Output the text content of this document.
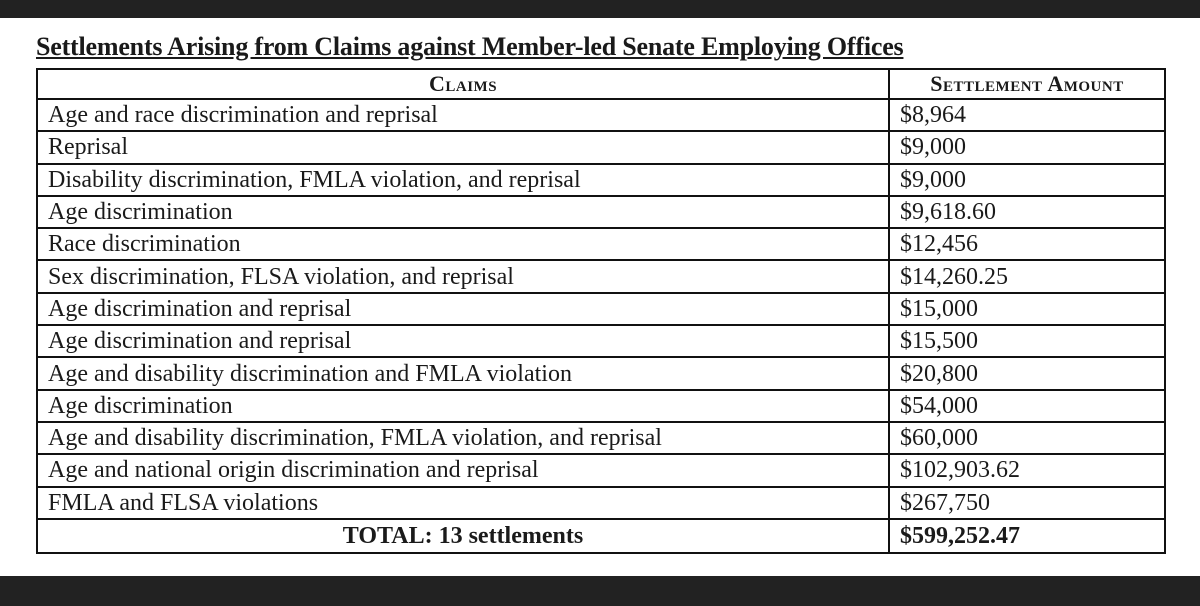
Settlements Arising from Claims against Member-led Senate Employing Offices
Claims	Settlement Amount
Age and race discrimination and reprisal	$8,964
Reprisal	$9,000
Disability discrimination, FMLA violation, and reprisal	$9,000
Age discrimination	$9,618.60
Race discrimination	$12,456
Sex discrimination, FLSA violation, and reprisal	$14,260.25
Age discrimination and reprisal	$15,000
Age discrimination and reprisal	$15,500
Age and disability discrimination and FMLA violation	$20,800
Age discrimination	$54,000
Age and disability discrimination, FMLA violation, and reprisal	$60,000
Age and national origin discrimination and reprisal	$102,903.62
FMLA and FLSA violations	$267,750
TOTAL: 13 settlements	$599,252.47
